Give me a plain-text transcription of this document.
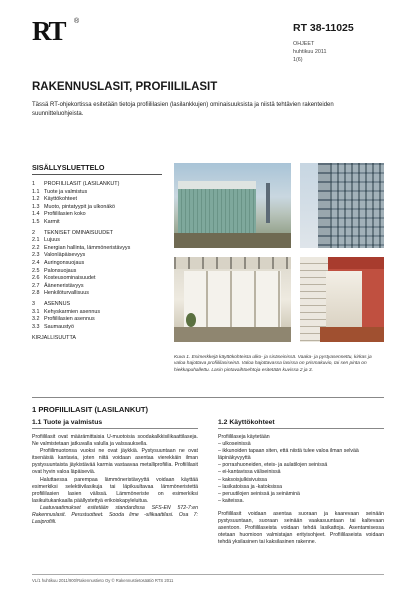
RT ®
RT 38-11025
OHJEET
huhtikuu 2011
1(6)
RAKENNUSLASIT, PROFIILILASIT
Tässä RT-ohjekortissa esitetään tietoja profiililasien (lasilankkujen) ominaisuuksista ja niistä tehtävien rakenteiden suunnitteluohjeista.
SISÄLLYSLUETTELO
1	PROFIILILASIT (LASILANKUT)
1.1 Tuote ja valmistus
1.2 Käyttökohteet
1.3 Muoto, pintatyypit ja ulkonäkö
1.4 Profiililasien koko
1.5 Karmit
2	TEKNISET OMINAISUUDET
2.1 Lujuus
2.2 Energian hallinta, lämmöneristävyys
2.3 Valonläpäisevyys
2.4 Auringonsuojaus
2.5 Palonsuojaus
2.6 Kosteusominaisuudet
2.7 Ääneneristävyys
2.8 Henkilöturvallisuus
3	ASENNUS
3.1 Kehyskarmien asennus
3.2 Profiililasien asennus
3.3 Saumaustyö
KIRJALLISUUTTA
Kuva 1. Esimerkkejä käyttökohteista ulko- ja sisäseinissä. Vaaka- ja pystyasennettu, kirkas ja valoa hajottava profiililasiseinä. Valoa hajottavassa lasissa on prismakuvio, tai sen pinta on hiekkapuhallettu. Lasin pintavaihtoehtoja esitetään kuvissa 2 ja 3.
1 PROFIILILASIT (LASILANKUT)
1.1 Tuote ja valmistus

Profiililasit ovat määrämittaisia U-muotoisia soodakalkkisilikaattilaseja. Ne valmistetaan jatkuvalla valulla ja valssauksella.

Profiilimuotonsa vuoksi ne ovat jäykkiä. Pystysuuntaan ne ovat itsenäisiä kantavia, joten niitä voidaan asentaa vierekkäin ilman pystysuuntaista jäykistävää karmia vastaavaa metalliprofiilia. Profiililasit ovat hyvin valoa läpäiseviä.

Haluttaessa parempaa lämmöneristävyyttä voidaan käyttää esimerkiksi selektiivilasikuja tai läpikuultavaa lämmöneristettä profiililasien lasien välissä. Lämmöneriste on esimerkiksi lasikuitukankaalla päällystettyä erikoiskapyleluitua.

Laatuvaatimukset esitetään standardissa SFS-EN 572-7:en Rakennuslasit. Perustuotteet. Sooda lime -silikaattilasi. Osa 7: Lasiprofiili.

1.2 Käyttökohteet

Profiililaseja käytetään

– ulkoseinissä
– ikkunoiden tapaan siten, että niistä tulee valoa ilman selvää läpinäkyvyyttä
– porrashuoneiden, eteis- ja aulatilojen seinissä
– ei-kantavissa väliseinissä
– kaksoisjulkisivuissa
– lasikatoissa ja -katoksissa
– peruutilojen seinissä ja seinäminä
– kaiteissa.

Profiililasit voidaan asentaa suoraan ja kaarevaan seinään pystysuuntaan, suoraan seinään vaakasuuntaan tai kaltevaan asentoon. Profiililaseista voidaan tehdä lasikattoja. Asentamisessa otetaan huomioon valmistajan erityisohjeet. Profiililaseista voidaan tehdä yksilasinen tai kaksilasinen rakenne.

VL/1 huhtikuu 2011/900/Rakennustieto Oy © Rakennustietosäätiö RTS 2011
